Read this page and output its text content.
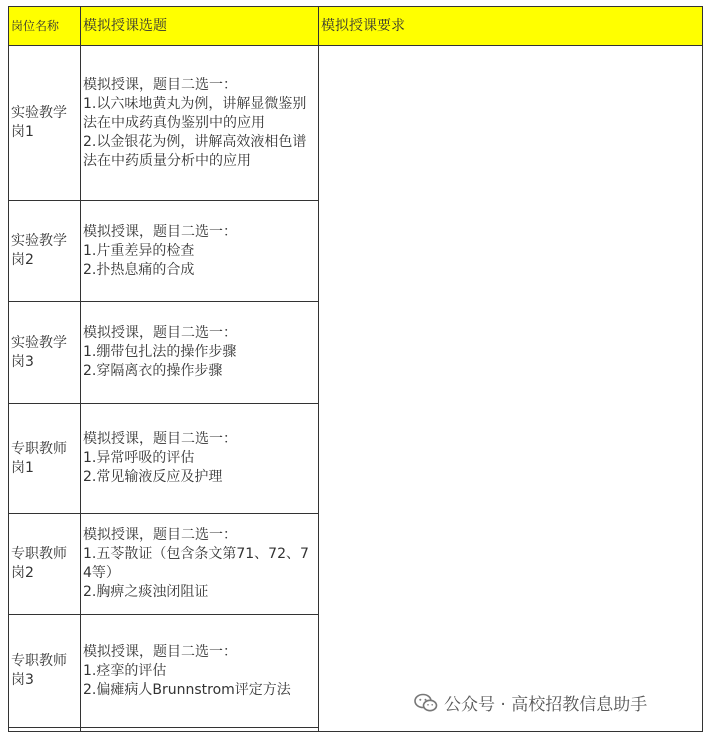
岗位名称	模拟授课选题	模拟授课要求
实验教学岗1	模拟授课，题目二选一：
1.以六味地黄丸为例，讲解显微鉴别法在中成药真伪鉴别中的应用
2.以金银花为例，讲解高效液相色谱法在中药质量分析中的应用	

实验教学岗2	模拟授课，题目二选一：
1.片重差异的检查
2.扑热息痛的合成	

实验教学岗3	模拟授课，题目二选一：
1.绷带包扎法的操作步骤
2.穿隔离衣的操作步骤	

专职教师岗1	模拟授课，题目二选一：
1.异常呼吸的评估
2.常见输液反应及护理	

专职教师岗2	模拟授课，题目二选一：
1.五苓散证（包含条文第71、72、74等）
2.胸痹之痰浊闭阻证	

专职教师岗3	模拟授课，题目二选一：
1.痉挛的评估
2.偏瘫病人Brunnstrom评定方法	

公众号 · 高校招教信息助手
